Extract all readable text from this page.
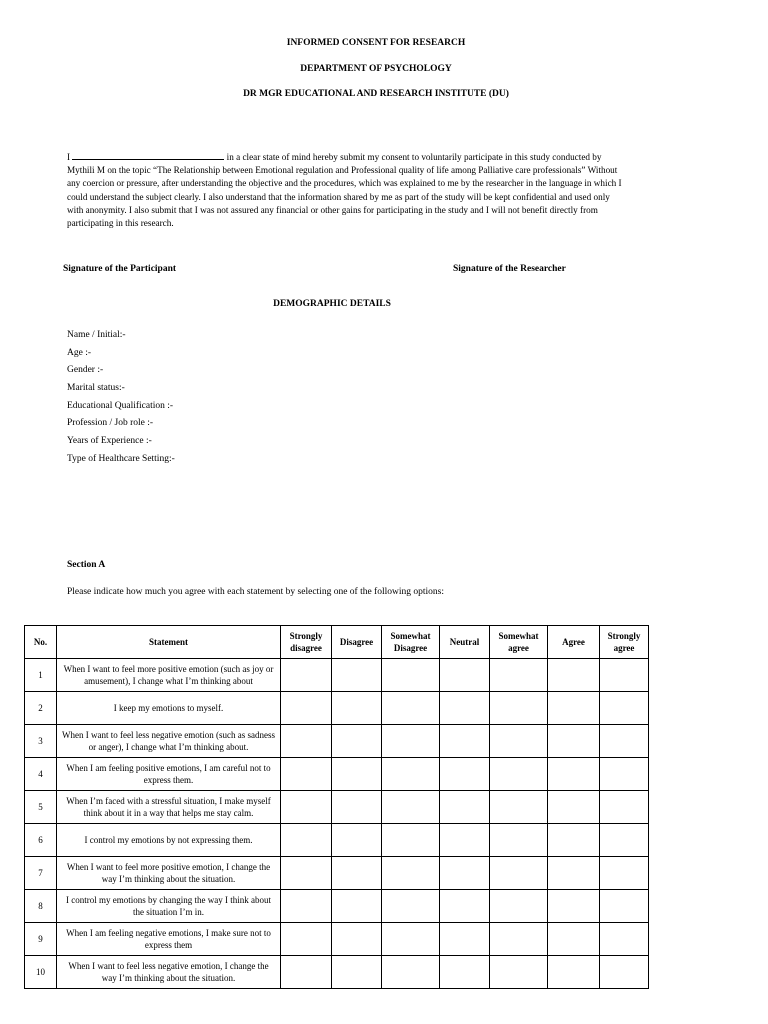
INFORMED CONSENT FOR RESEARCH
DEPARTMENT OF PSYCHOLOGY
DR MGR EDUCATIONAL AND RESEARCH INSTITUTE (DU)
I	in a clear state of mind hereby submit my consent to voluntarily participate in this study conducted by Mythili M on the topic “The Relationship between Emotional regulation and Professional quality of life among Palliative care professionals” Without any coercion or pressure, after understanding the objective and the procedures, which was explained to me by the researcher in the language in which I could understand the subject clearly. I also understand that the information shared by me as part of the study will be kept confidential and used only with anonymity. I also submit that I was not assured any financial or other gains for participating in the study and I will not benefit directly from participating in this research.
Signature of the Participant	Signature of the Researcher
DEMOGRAPHIC DETAILS
Name / Initial:-
Age :-
Gender :-
Marital status:-
Educational Qualification :-
Profession / Job role :-
Years of Experience :-
Type of Healthcare Setting:-
Section A
Please indicate how much you agree with each statement by selecting one of the following options:
No.	Statement	Strongly disagree	Disagree	Somewhat Disagree	Neutral	Somewhat agree	Agree	Strongly agree
1	When I want to feel more positive emotion (such as joy or amusement), I change what I’m thinking about							
2	I keep my emotions to myself.							
3	When I want to feel less negative emotion (such as sadness or anger), I change what I’m thinking about.							
4	When I am feeling positive emotions, I am careful not to express them.							
5	When I’m faced with a stressful situation, I make myself think about it in a way that helps me stay calm.							
6	I control my emotions by not expressing them.							
7	When I want to feel more positive emotion, I change the way I’m thinking about the situation.							
8	I control my emotions by changing the way I think about the situation I’m in.							
9	When I am feeling negative emotions, I make sure not to express them							
10	When I want to feel less negative emotion, I change the way I’m thinking about the situation.							
